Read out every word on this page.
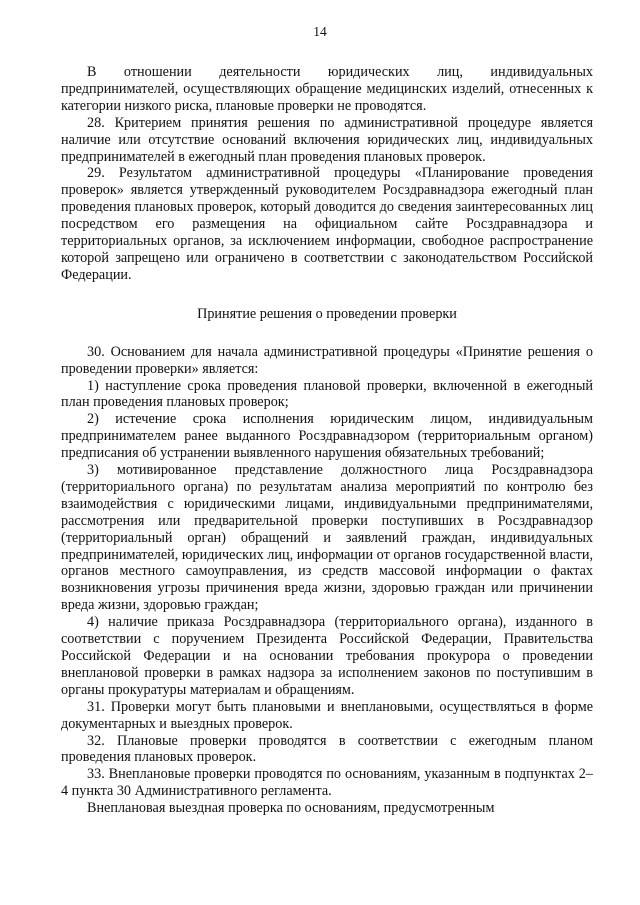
14

В отношении деятельности юридических лиц, индивидуальных предпринимателей, осуществляющих обращение медицинских изделий, отнесенных к категории низкого риска, плановые проверки не проводятся.

28. Критерием принятия решения по административной процедуре является наличие или отсутствие оснований включения юридических лиц, индивидуальных предпринимателей в ежегодный план проведения плановых проверок.

29. Результатом административной процедуры «Планирование проведения проверок» является утвержденный руководителем Росздравнадзора ежегодный план проведения плановых проверок, который доводится до сведения заинтересованных лиц посредством его размещения на официальном сайте Росздравнадзора и территориальных органов, за исключением информации, свободное распространение которой запрещено или ограничено в соответствии с законодательством Российской Федерации.

Принятие решения о проведении проверки

30. Основанием для начала административной процедуры «Принятие решения о проведении проверки» является:

1) наступление срока проведения плановой проверки, включенной в ежегодный план проведения плановых проверок;

2) истечение срока исполнения юридическим лицом, индивидуальным предпринимателем ранее выданного Росздравнадзором (территориальным органом) предписания об устранении выявленного нарушения обязательных требований;

3) мотивированное представление должностного лица Росздравнадзора (территориального органа) по результатам анализа мероприятий по контролю без взаимодействия с юридическими лицами, индивидуальными предпринимателями, рассмотрения или предварительной проверки поступивших в Росздравнадзор (территориальный орган) обращений и заявлений граждан, индивидуальных предпринимателей, юридических лиц, информации от органов государственной власти, органов местного самоуправления, из средств массовой информации о фактах возникновения угрозы причинения вреда жизни, здоровью граждан или причинении вреда жизни, здоровью граждан;

4) наличие приказа Росздравнадзора (территориального органа), изданного в соответствии с поручением Президента Российской Федерации, Правительства Российской Федерации и на основании требования прокурора о проведении внеплановой проверки в рамках надзора за исполнением законов по поступившим в органы прокуратуры материалам и обращениям.

31. Проверки могут быть плановыми и внеплановыми, осуществляться в форме документарных и выездных проверок.

32. Плановые проверки проводятся в соответствии с ежегодным планом проведения плановых проверок.

33. Внеплановые проверки проводятся по основаниям, указанным в подпунктах 2–4 пункта 30 Административного регламента.

Внеплановая выездная проверка по основаниям, предусмотренным
